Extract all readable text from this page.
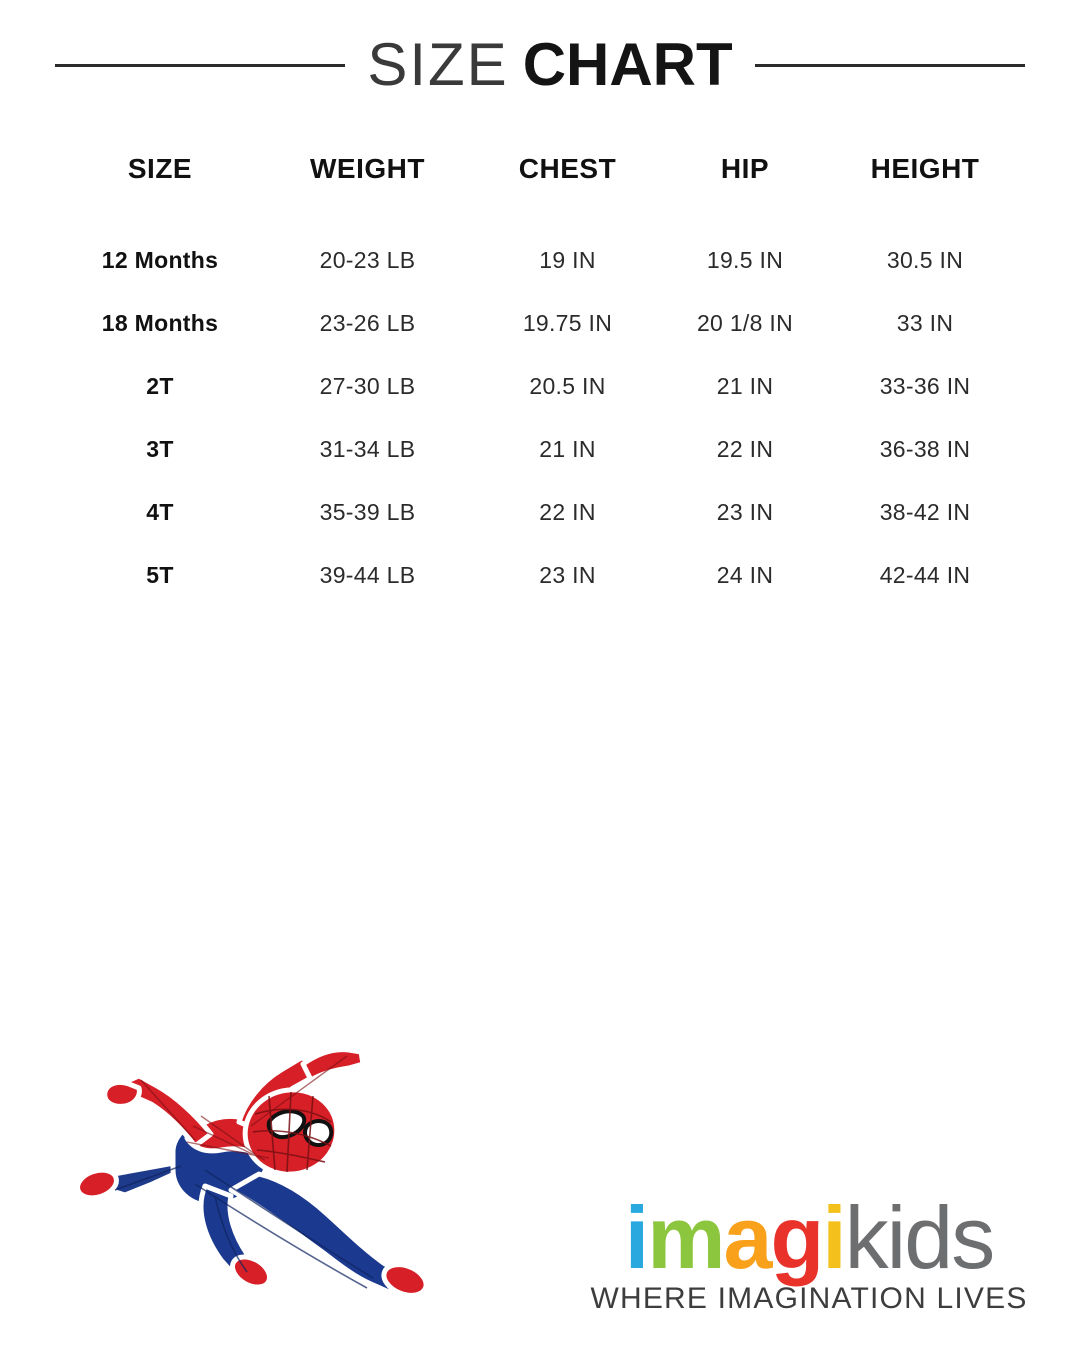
SIZE CHART
SIZE	WEIGHT	CHEST	HIP	HEIGHT
12 Months	20-23 LB	19 IN	19.5 IN	30.5 IN
18 Months	23-26 LB	19.75 IN	20 1/8 IN	33 IN
2T	27-30 LB	20.5 IN	21 IN	33-36 IN
3T	31-34 LB	21 IN	22 IN	36-38 IN
4T	35-39 LB	22 IN	23 IN	38-42 IN
5T	39-44 LB	23 IN	24 IN	42-44 IN
imagikids
WHERE IMAGINATION LIVES
